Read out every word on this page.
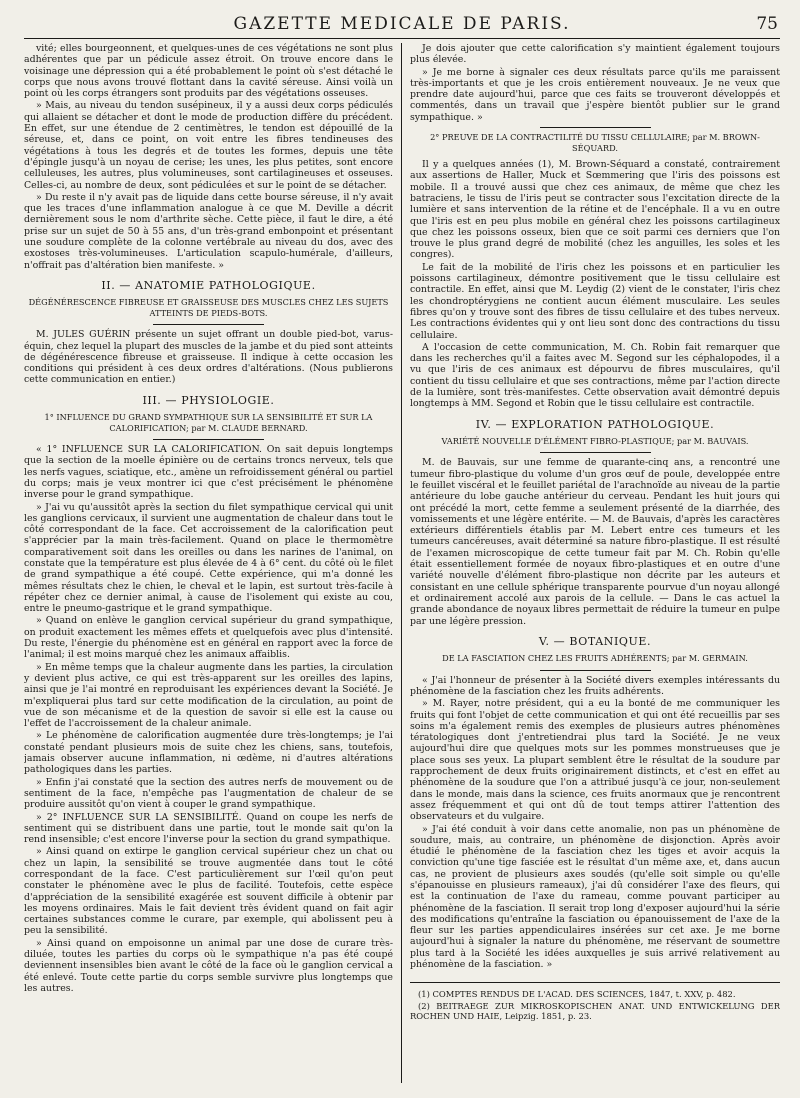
GAZETTE MEDICALE DE PARIS.	75

vité; elles bourgeonnent, et quelques-unes de ces végétations ne sont plus adhérentes que par un pédicule assez étroit. On trouve encore dans le voisinage une dépression qui a été probablement le point où s'est détaché le corps que nous avons trouvé flottant dans la cavité séreuse. Ainsi voilà un point où les corps étrangers sont produits par des végétations osseuses.

» Mais, au niveau du tendon susépineux, il y a aussi deux corps pédiculés qui allaient se détacher et dont le mode de production diffère du précédent. En effet, sur une étendue de 2 centimètres, le tendon est dépouillé de la séreuse, et, dans ce point, on voit entre les fibres tendineuses des végétations à tous les degrés et de toutes les formes, depuis une tête d'épingle jusqu'à un noyau de cerise; les unes, les plus petites, sont encore celluleuses, les autres, plus volumineuses, sont cartilagineuses et osseuses. Celles-ci, au nombre de deux, sont pédiculées et sur le point de se détacher.

» Du reste il n'y avait pas de liquide dans cette bourse séreuse, il n'y avait que les traces d'une inflammation analogue à ce que M. Deville a décrit dernièrement sous le nom d'arthrite sèche. Cette pièce, il faut le dire, a été prise sur un sujet de 50 à 55 ans, d'un très-grand embonpoint et présentant une soudure complète de la colonne vertébrale au niveau du dos, avec des exostoses très-volumineuses. L'articulation scapulo-humérale, d'ailleurs, n'offrait pas d'altération bien manifeste. »

II. — ANATOMIE PATHOLOGIQUE.
DÉGÉNÉRESCENCE FIBREUSE ET GRAISSEUSE DES MUSCLES CHEZ LES SUJETS ATTEINTS DE PIEDS-BOTS.

M. JULES GUÉRIN présente un sujet offrant un double pied-bot, varus-équin, chez lequel la plupart des muscles de la jambe et du pied sont atteints de dégénérescence fibreuse et graisseuse. Il indique à cette occasion les conditions qui président à ces deux ordres d'altérations. (Nous publierons cette communication en entier.)

III. — PHYSIOLOGIE.
1° INFLUENCE DU GRAND SYMPATHIQUE SUR LA SENSIBILITÉ ET SUR LA CALORIFICATION; par M. CLAUDE BERNARD.

« 1° INFLUENCE SUR LA CALORIFICATION. On sait depuis longtemps que la section de la moelle épinière ou de certains troncs nerveux, tels que les nerfs vagues, sciatique, etc., amène un refroidissement général ou partiel du corps; mais je veux montrer ici que c'est précisément le phénomène inverse pour le grand sympathique.

» J'ai vu qu'aussitôt après la section du filet sympathique cervical qui unit les ganglions cervicaux, il survient une augmentation de chaleur dans tout le côté correspondant de la face. Cet accroissement de la calorification peut s'apprécier par la main très-facilement. Quand on place le thermomètre comparativement soit dans les oreilles ou dans les narines de l'animal, on constate que la température est plus élevée de 4 à 6° cent. du côté où le filet de grand sympathique a été coupé. Cette expérience, qui m'a donné les mêmes résultats chez le chien, le cheval et le lapin, est surtout très-facile à répéter chez ce dernier animal, à cause de l'isolement qui existe au cou, entre le pneumo-gastrique et le grand sympathique.

» Quand on enlève le ganglion cervical supérieur du grand sympathique, on produit exactement les mêmes effets et quelquefois avec plus d'intensité. Du reste, l'énergie du phénomène est en général en rapport avec la force de l'animal; il est moins marqué chez les animaux affaiblis.

» En même temps que la chaleur augmente dans les parties, la circulation y devient plus active, ce qui est très-apparent sur les oreilles des lapins, ainsi que je l'ai montré en reproduisant les expériences devant la Société. Je m'expliquerai plus tard sur cette modification de la circulation, au point de vue de son mécanisme et de la question de savoir si elle est la cause ou l'effet de l'accroissement de la chaleur animale.

» Le phénomène de calorification augmentée dure très-longtemps; je l'ai constaté pendant plusieurs mois de suite chez les chiens, sans, toutefois, jamais observer aucune inflammation, ni œdème, ni d'autres altérations pathologiques dans les parties.

» Enfin j'ai constaté que la section des autres nerfs de mouvement ou de sentiment de la face, n'empêche pas l'augmentation de chaleur de se produire aussitôt qu'on vient à couper le grand sympathique.

» 2° INFLUENCE SUR LA SENSIBILITÉ. Quand on coupe les nerfs de sentiment qui se distribuent dans une partie, tout le monde sait qu'on la rend insensible; c'est encore l'inverse pour la section du grand sympathique.

» Ainsi quand on extirpe le ganglion cervical supérieur chez un chat ou chez un lapin, la sensibilité se trouve augmentée dans tout le côté correspondant de la face. C'est particulièrement sur l'œil qu'on peut constater le phénomène avec le plus de facilité. Toutefois, cette espèce d'appréciation de la sensibilité exagérée est souvent difficile à obtenir par les moyens ordinaires. Mais le fait devient très évident quand on fait agir certaines substances comme le curare, par exemple, qui abolissent peu à peu la sensibilité.

» Ainsi quand on empoisonne un animal par une dose de curare très-diluée, toutes les parties du corps où le sympathique n'a pas été coupé deviennent insensibles bien avant le côté de la face où le ganglion cervical a été enlevé. Toute cette partie du corps semble survivre plus longtemps que les autres.

Je dois ajouter que cette calorification s'y maintient également toujours plus élevée.

» Je me borne à signaler ces deux résultats parce qu'ils me paraissent très-importants et que je les crois entièrement nouveaux. Je ne veux que prendre date aujourd'hui, parce que ces faits se trouveront développés et commentés, dans un travail que j'espère bientôt publier sur le grand sympathique. »

2° PREUVE DE LA CONTRACTILITÉ DU TISSU CELLULAIRE; par M. BROWN-SÉQUARD.

Il y a quelques années (1), M. Brown-Séquard a constaté, contrairement aux assertions de Haller, Muck et Sœmmering que l'iris des poissons est mobile. Il a trouvé aussi que chez ces animaux, de même que chez les batraciens, le tissu de l'iris peut se contracter sous l'excitation directe de la lumière et sans intervention de la rétine et de l'encéphale. Il a vu en outre que l'iris est en peu plus mobile en général chez les poissons cartilagineux que chez les poissons osseux, bien que ce soit parmi ces derniers que l'on trouve le plus grand degré de mobilité (chez les anguilles, les soles et les congres).

Le fait de la mobilité de l'iris chez les poissons et en particulier les poissons cartilagineux, démontre positivement que le tissu cellulaire est contractile. En effet, ainsi que M. Leydig (2) vient de le constater, l'iris chez les chondroptérygiens ne contient aucun élément musculaire. Les seules fibres qu'on y trouve sont des fibres de tissu cellulaire et des tubes nerveux. Les contractions évidentes qui y ont lieu sont donc des contractions du tissu cellulaire.

A l'occasion de cette communication, M. Ch. Robin fait remarquer que dans les recherches qu'il a faites avec M. Segond sur les céphalopodes, il a vu que l'iris de ces animaux est dépourvu de fibres musculaires, qu'il contient du tissu cellulaire et que ses contractions, même par l'action directe de la lumière, sont très-manifestes. Cette observation avait démontré depuis longtemps à MM. Segond et Robin que le tissu cellulaire est contractile.

IV. — EXPLORATION PATHOLOGIQUE.
VARIÉTÉ NOUVELLE D'ÉLÉMENT FIBRO-PLASTIQUE; par M. BAUVAIS.

M. de Bauvais, sur une femme de quarante-cinq ans, a rencontré une tumeur fibro-plastique du volume d'un gros œuf de poule, developpée entre le feuillet viscéral et le feuillet pariétal de l'arachnoïde au niveau de la partie antérieure du lobe gauche antérieur du cerveau. Pendant les huit jours qui ont précédé la mort, cette femme a seulement présenté de la diarrhée, des vomissements et une légère entérite. — M. de Bauvais, d'après les caractères extérieurs différentiels établis par M. Lebert entre ces tumeurs et les tumeurs cancéreuses, avait déterminé sa nature fibro-plastique. Il est résulté de l'examen microscopique de cette tumeur fait par M. Ch. Robin qu'elle était essentiellement formée de noyaux fibro-plastiques et en outre d'une variété nouvelle d'élément fibro-plastique non décrite par les auteurs et consistant en une cellule sphérique transparente pourvue d'un noyau allongé et ordinairement accolé aux parois de la cellule. — Dans le cas actuel la grande abondance de noyaux libres permettait de réduire la tumeur en pulpe par une légère pression.

V. — BOTANIQUE.
DE LA FASCIATION CHEZ LES FRUITS ADHÉRENTS; par M. GERMAIN.

« J'ai l'honneur de présenter à la Société divers exemples intéressants du phénomène de la fasciation chez les fruits adhérents.

» M. Rayer, notre président, qui a eu la bonté de me communiquer les fruits qui font l'objet de cette communication et qui ont été recueillis par ses soins m'a également remis des exemples de plusieurs autres phénomènes tératologiques dont j'entretiendrai plus tard la Société. Je ne veux aujourd'hui dire que quelques mots sur les pommes monstrueuses que je place sous ses yeux. La plupart semblent être le résultat de la soudure par rapprochement de deux fruits originairement distincts, et c'est en effet au phénomène de la soudure que l'on a attribué jusqu'à ce jour, non-seulement dans le monde, mais dans la science, ces fruits anormaux que je rencontrent assez fréquemment et qui ont dû de tout temps attirer l'attention des observateurs et du vulgaire.

» J'ai été conduit à voir dans cette anomalie, non pas un phénomène de soudure, mais, au contraire, un phénomène de disjonction. Après avoir étudié le phénomène de la fasciation chez les tiges et avoir acquis la conviction qu'une tige fasciée est le résultat d'un même axe, et, dans aucun cas, ne provient de plusieurs axes soudés (qu'elle soit simple ou qu'elle s'épanouisse en plusieurs rameaux), j'ai dû considérer l'axe des fleurs, qui est la continuation de l'axe du rameau, comme pouvant participer au phénomène de la fasciation. Il serait trop long d'exposer aujourd'hui la série des modifications qu'entraîne la fasciation ou épanouissement de l'axe de la fleur sur les parties appendiculaires insérées sur cet axe. Je me borne aujourd'hui à signaler la nature du phénomène, me réservant de soumettre plus tard à la Société les idées auxquelles je suis arrivé relativement au phénomène de la fasciation. »

(1) COMPTES RENDUS DE L'ACAD. DES SCIENCES, 1847, t. XXV, p. 482.

(2) BEITRAEGE ZUR MIKROSKOPISCHEN ANAT. UND ENTWICKELUNG DER ROCHEN UND HAIE, Leipzig. 1851, p. 23.
